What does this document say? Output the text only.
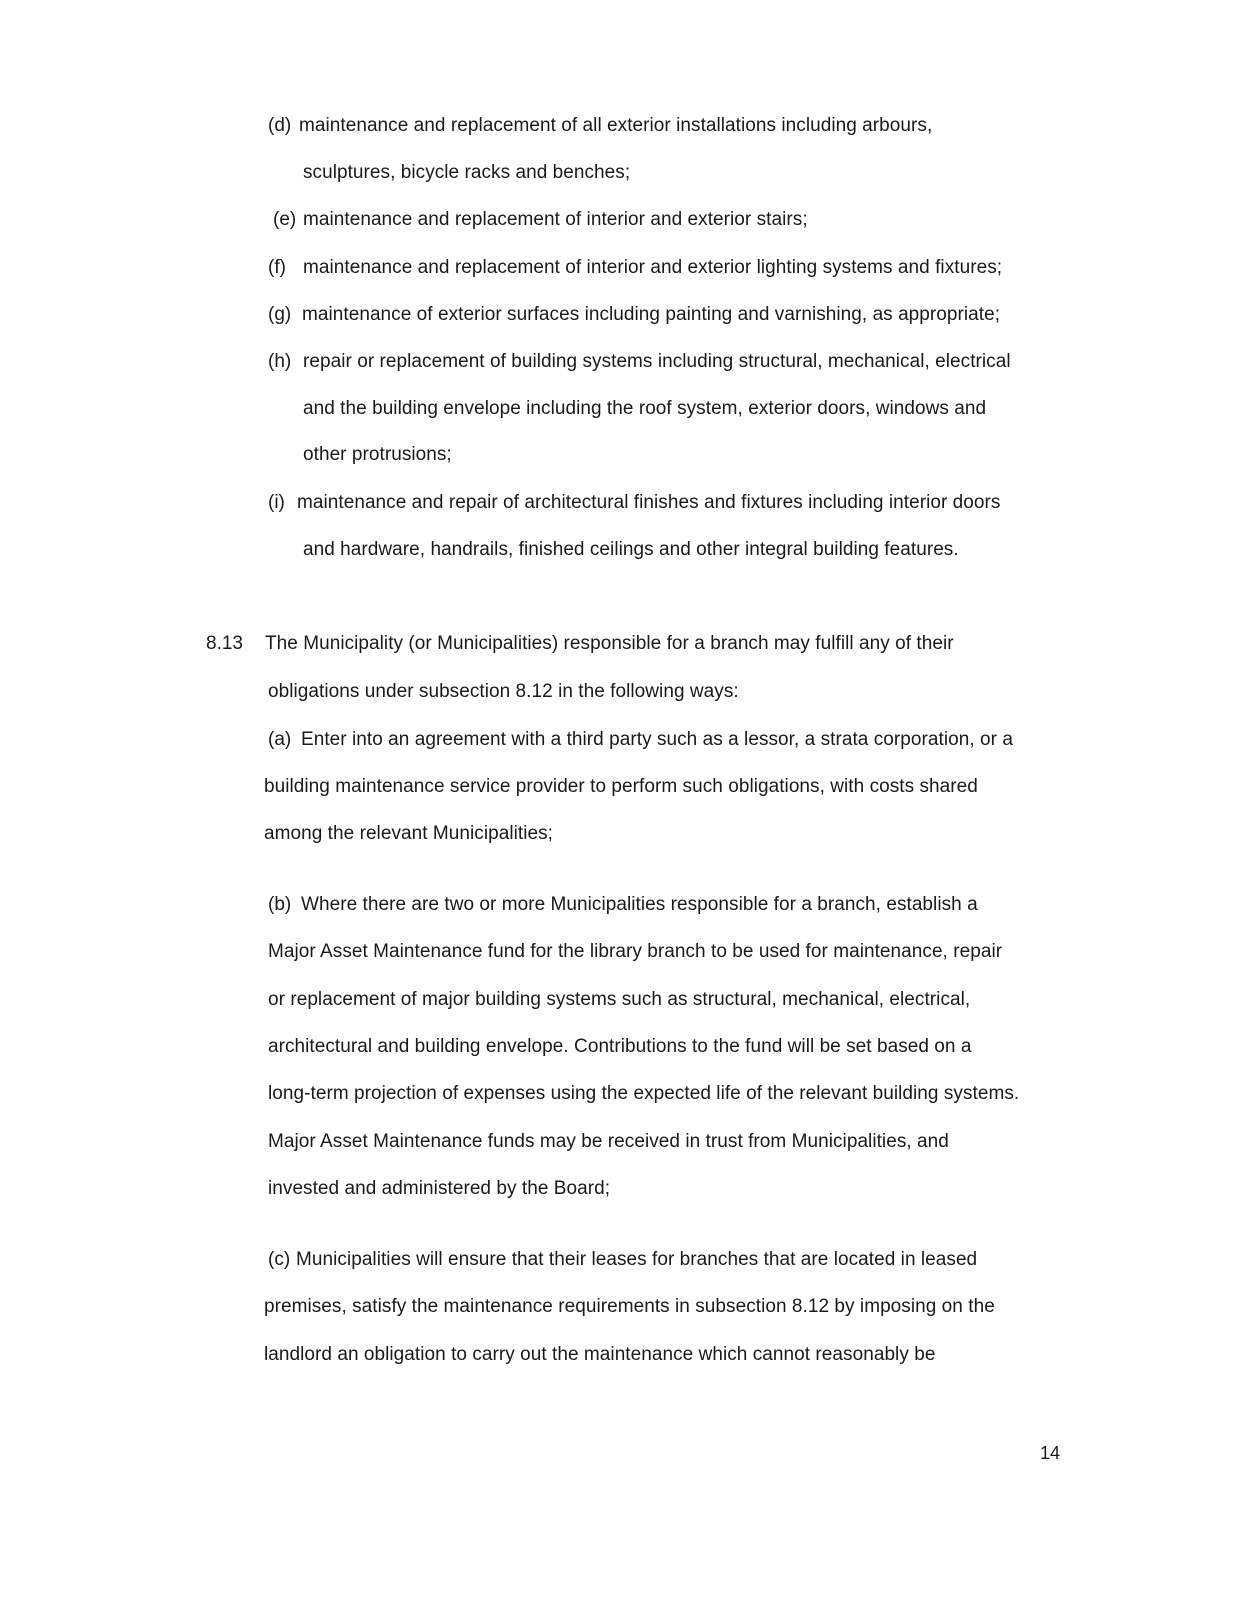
(d) maintenance and replacement of all exterior installations including arbours,
sculptures, bicycle racks and benches;
(e) maintenance and replacement of interior and exterior stairs;
(f) maintenance and replacement of interior and exterior lighting systems and fixtures;
(g) maintenance of exterior surfaces including painting and varnishing, as appropriate;
(h) repair or replacement of building systems including structural, mechanical, electrical
and the building envelope including the roof system, exterior doors, windows and
other protrusions;
(i) maintenance and repair of architectural finishes and fixtures including interior doors
and hardware, handrails, finished ceilings and other integral building features.
8.13 The Municipality (or Municipalities) responsible for a branch may fulfill any of their
obligations under subsection 8.12 in the following ways:
(a) Enter into an agreement with a third party such as a lessor, a strata corporation, or a
building maintenance service provider to perform such obligations, with costs shared
among the relevant Municipalities;
(b) Where there are two or more Municipalities responsible for a branch, establish a
Major Asset Maintenance fund for the library branch to be used for maintenance, repair
or replacement of major building systems such as structural, mechanical, electrical,
architectural and building envelope. Contributions to the fund will be set based on a
long-term projection of expenses using the expected life of the relevant building systems.
Major Asset Maintenance funds may be received in trust from Municipalities, and
invested and administered by the Board;
(c) Municipalities will ensure that their leases for branches that are located in leased
premises, satisfy the maintenance requirements in subsection 8.12 by imposing on the
landlord an obligation to carry out the maintenance which cannot reasonably be
14
